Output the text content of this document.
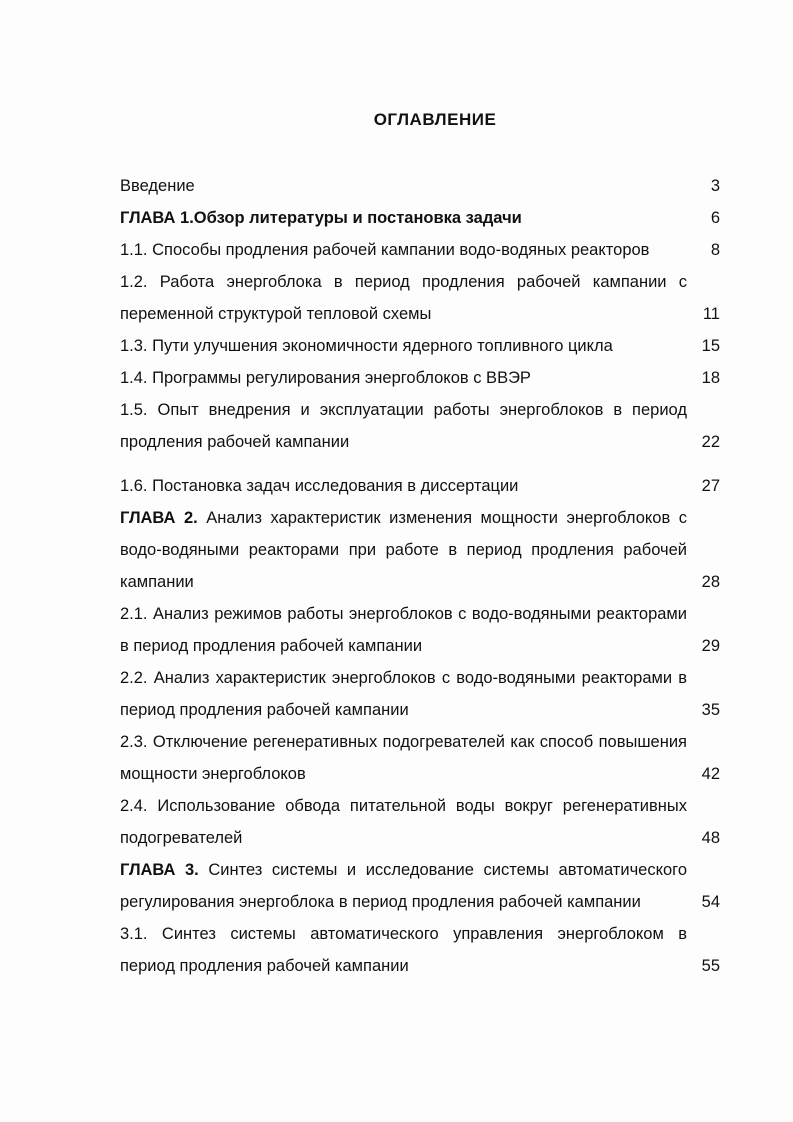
ОГЛАВЛЕНИЕ
Введение	3
ГЛАВА 1.Обзор литературы и постановка задачи	6
1.1. Способы продления рабочей кампании водо-водяных реакторов	8
1.2. Работа энергоблока в период продления рабочей кампании с переменной структурой тепловой схемы	11
1.3. Пути улучшения экономичности ядерного топливного цикла	15
1.4. Программы регулирования энергоблоков с ВВЭР	18
1.5. Опыт внедрения и эксплуатации работы энергоблоков в период продления рабочей кампании	22
1.6. Постановка задач исследования в диссертации	27
ГЛАВА 2. Анализ характеристик изменения мощности энергоблоков с водо-водяными реакторами при работе в период продления рабочей кампании	28
2.1. Анализ режимов работы энергоблоков с водо-водяными реакторами в период продления рабочей кампании	29
2.2. Анализ характеристик энергоблоков с водо-водяными реакторами в период продления рабочей кампании	35
2.3. Отключение регенеративных подогревателей как способ повышения мощности энергоблоков	42
2.4. Использование обвода питательной воды вокруг регенеративных подогревателей	48
ГЛАВА 3. Синтез системы и исследование системы автоматического регулирования энергоблока в период продления рабочей кампании	54
3.1. Синтез системы автоматического управления энергоблоком в период продления рабочей кампании	55
